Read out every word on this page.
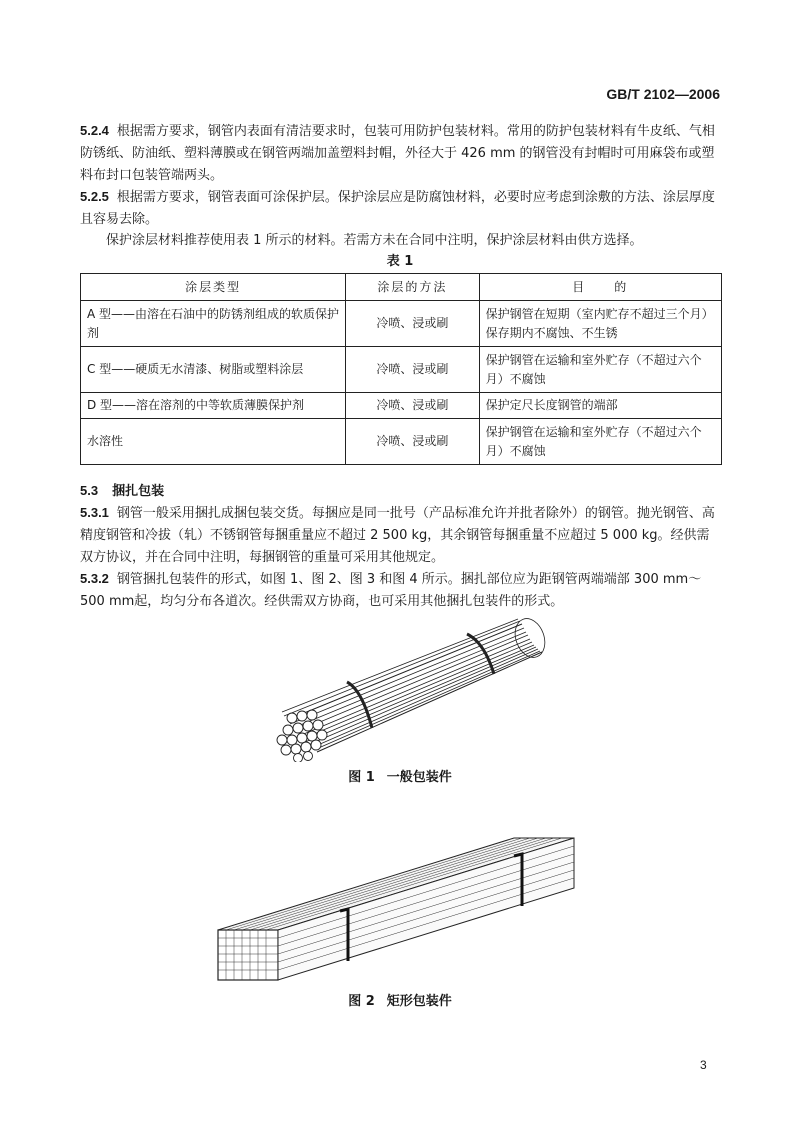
GB/T 2102—2006

5.2.4 根据需方要求，钢管内表面有清洁要求时，包装可用防护包装材料。常用的防护包装材料有牛皮纸、气相防锈纸、防油纸、塑料薄膜或在钢管两端加盖塑料封帽，外径大于 426 mm 的钢管没有封帽时可用麻袋布或塑料布封口包装管端两头。

5.2.5 根据需方要求，钢管表面可涂保护层。保护涂层应是防腐蚀材料，必要时应考虑到涂敷的方法、涂层厚度且容易去除。

保护涂层材料推荐使用表 1 所示的材料。若需方未在合同中注明，保护涂层材料由供方选择。

表 1
涂层类型	涂层的方法	目　　的
A 型——由溶在石油中的防锈剂组成的软质保护剂	冷喷、浸或刷	保护钢管在短期（室内贮存不超过三个月）保存期内不腐蚀、不生锈
C 型——硬质无水清漆、树脂或塑料涂层	冷喷、浸或刷	保护钢管在运输和室外贮存（不超过六个月）不腐蚀
D 型——溶在溶剂的中等软质薄膜保护剂	冷喷、浸或刷	保护定尺长度钢管的端部
水溶性	冷喷、浸或刷	保护钢管在运输和室外贮存（不超过六个月）不腐蚀

5.3 捆扎包装

5.3.1 钢管一般采用捆扎成捆包装交货。每捆应是同一批号（产品标准允许并批者除外）的钢管。抛光钢管、高精度钢管和冷拔（轧）不锈钢管每捆重量应不超过 2 500 kg，其余钢管每捆重量不应超过 5 000 kg。经供需双方协议，并在合同中注明，每捆钢管的重量可采用其他规定。

5.3.2 钢管捆扎包装件的形式，如图 1、图 2、图 3 和图 4 所示。捆扎部位应为距钢管两端端部 300 mm～500 mm起，均匀分布各道次。经供需双方协商，也可采用其他捆扎包装件的形式。

图 1 一般包装件
图 2 矩形包装件
3
